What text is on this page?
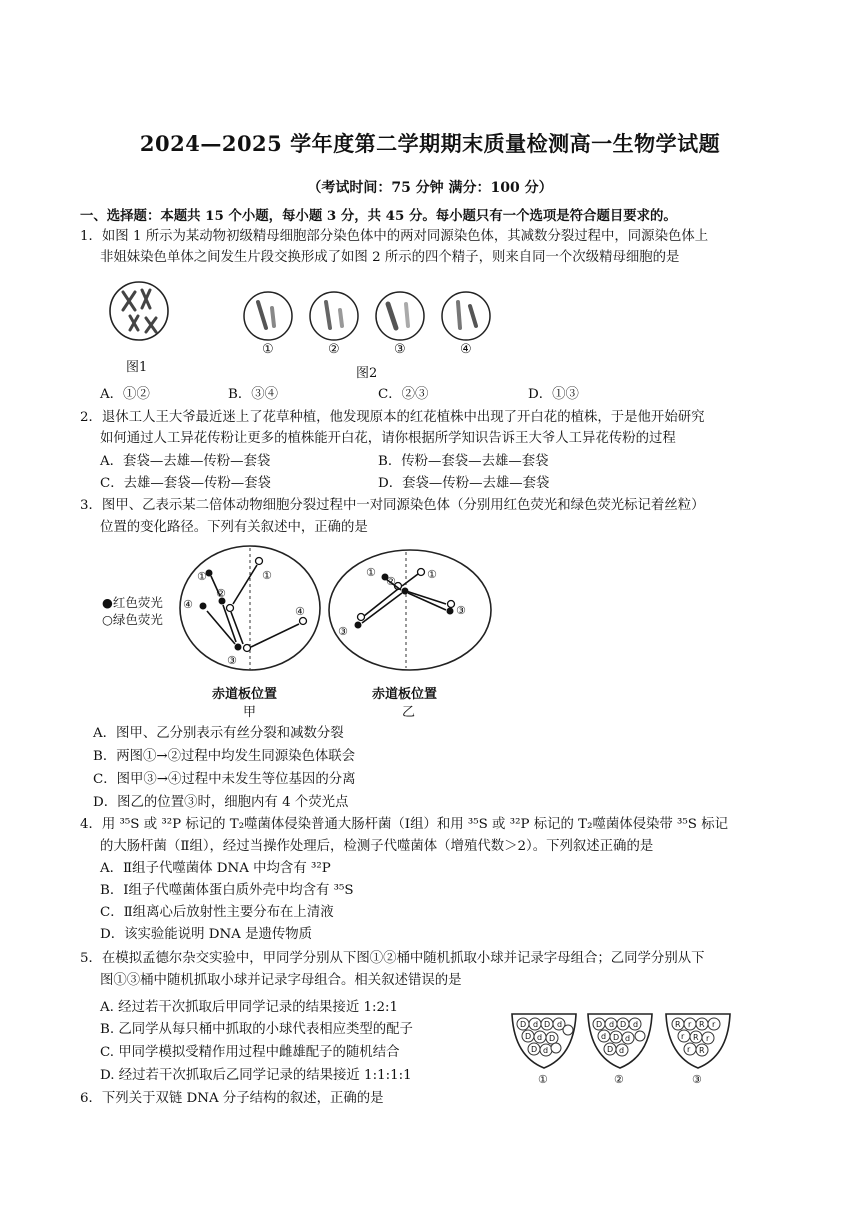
2024—2025 学年度第二学期期末质量检测高一生物学试题
（考试时间：75 分钟 满分：100 分）
一、选择题：本题共 15 个小题，每小题 3 分，共 45 分。每小题只有一个选项是符合题目要求的。
1．如图 1 所示为某动物初级精母细胞部分染色体中的两对同源染色体，其减数分裂过程中，同源染色体上
非姐妹染色单体之间发生片段交换形成了如图 2 所示的四个精子，则来自同一个次级精母细胞的是
图1
①	②	③	④
图2
A．①②	B．③④	C．②③	D．①③
2．退休工人王大爷最近迷上了花草种植，他发现原本的红花植株中出现了开白花的植株，于是他开始研究
如何通过人工异花传粉让更多的植株能开白花，请你根据所学知识告诉王大爷人工异花传粉的过程
A．套袋—去雄—传粉—套袋	B．传粉—套袋—去雄—套袋
C．去雄—套袋—传粉—套袋	D．套袋—传粉—去雄—套袋
3．图甲、乙表示某二倍体动物细胞分裂过程中一对同源染色体（分别用红色荧光和绿色荧光标记着丝粒）
位置的变化路径。下列有关叙述中，正确的是
●红色荧光
○绿色荧光
①	①
②
④
④
③
赤道板位置
甲
①	①
②
③
③
赤道板位置
乙
A．图甲、乙分别表示有丝分裂和减数分裂
B．两图①→②过程中均发生同源染色体联会
C．图甲③→④过程中未发生等位基因的分离
D．图乙的位置③时，细胞内有 4 个荧光点
4．用 ³⁵S 或 ³²P 标记的 T₂噬菌体侵染普通大肠杆菌（Ⅰ组）和用 ³⁵S 或 ³²P 标记的 T₂噬菌体侵染带 ³⁵S 标记
的大肠杆菌（Ⅱ组），经过当操作处理后，检测子代噬菌体（增殖代数＞2）。下列叙述正确的是
A．Ⅱ组子代噬菌体 DNA 中均含有 ³²P
B．Ⅰ组子代噬菌体蛋白质外壳中均含有 ³⁵S
C．Ⅱ组离心后放射性主要分布在上清液
D．该实验能说明 DNA 是遗传物质
5．在模拟孟德尔杂交实验中，甲同学分别从下图①②桶中随机抓取小球并记录字母组合；乙同学分别从下
图①③桶中随机抓取小球并记录字母组合。相关叙述错误的是
A. 经过若干次抓取后甲同学记录的结果接近 1:2:1
B. 乙同学从每只桶中抓取的小球代表相应类型的配子
C. 甲同学模拟受精作用过程中雌雄配子的随机结合
D. 经过若干次抓取后乙同学记录的结果接近 1:1:1:1
D d D d
D d D
D d
D d D d
d D d
D d
R r R r
r R r
r R
①	②	③
6．下列关于双链 DNA 分子结构的叙述，正确的是
